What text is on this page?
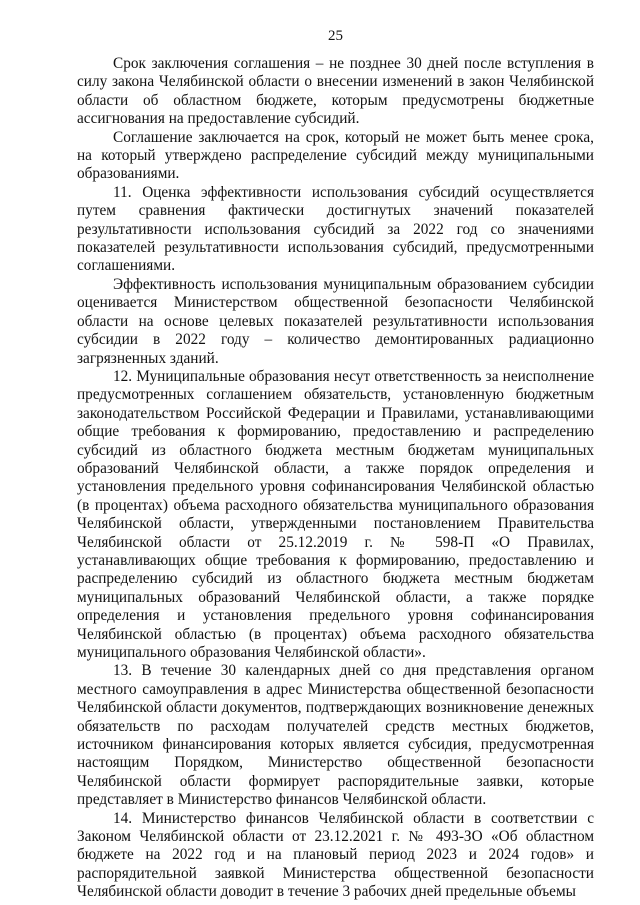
25

Срок заключения соглашения – не позднее 30 дней после вступления в силу закона Челябинской области о внесении изменений в закон Челябинской области об областном бюджете, которым предусмотрены бюджетные ассигнования на предоставление субсидий.

Соглашение заключается на срок, который не может быть менее срока, на который утверждено распределение субсидий между муниципальными образованиями.

11. Оценка эффективности использования субсидий осуществляется путем сравнения фактически достигнутых значений показателей результативности использования субсидий за 2022 год со значениями показателей результативности использования субсидий, предусмотренными соглашениями.

Эффективность использования муниципальным образованием субсидии оценивается Министерством общественной безопасности Челябинской области на основе целевых показателей результативности использования субсидии в 2022 году – количество демонтированных радиационно загрязненных зданий.

12. Муниципальные образования несут ответственность за неисполнение предусмотренных соглашением обязательств, установленную бюджетным законодательством Российской Федерации и Правилами, устанавливающими общие требования к формированию, предоставлению и распределению субсидий из областного бюджета местным бюджетам муниципальных образований Челябинской области, а также порядок определения и установления предельного уровня софинансирования Челябинской областью (в процентах) объема расходного обязательства муниципального образования Челябинской области, утвержденными постановлением Правительства Челябинской области от 25.12.2019 г. № 598-П «О Правилах, устанавливающих общие требования к формированию, предоставлению и распределению субсидий из областного бюджета местным бюджетам муниципальных образований Челябинской области, а также порядке определения и установления предельного уровня софинансирования Челябинской областью (в процентах) объема расходного обязательства муниципального образования Челябинской области».

13. В течение 30 календарных дней со дня представления органом местного самоуправления в адрес Министерства общественной безопасности Челябинской области документов, подтверждающих возникновение денежных обязательств по расходам получателей средств местных бюджетов, источником финансирования которых является субсидия, предусмотренная настоящим Порядком, Министерство общественной безопасности Челябинской области формирует распорядительные заявки, которые представляет в Министерство финансов Челябинской области.

14. Министерство финансов Челябинской области в соответствии с Законом Челябинской области от 23.12.2021 г. № 493-ЗО «Об областном бюджете на 2022 год и на плановый период 2023 и 2024 годов» и распорядительной заявкой Министерства общественной безопасности Челябинской области доводит в течение 3 рабочих дней предельные объемы
